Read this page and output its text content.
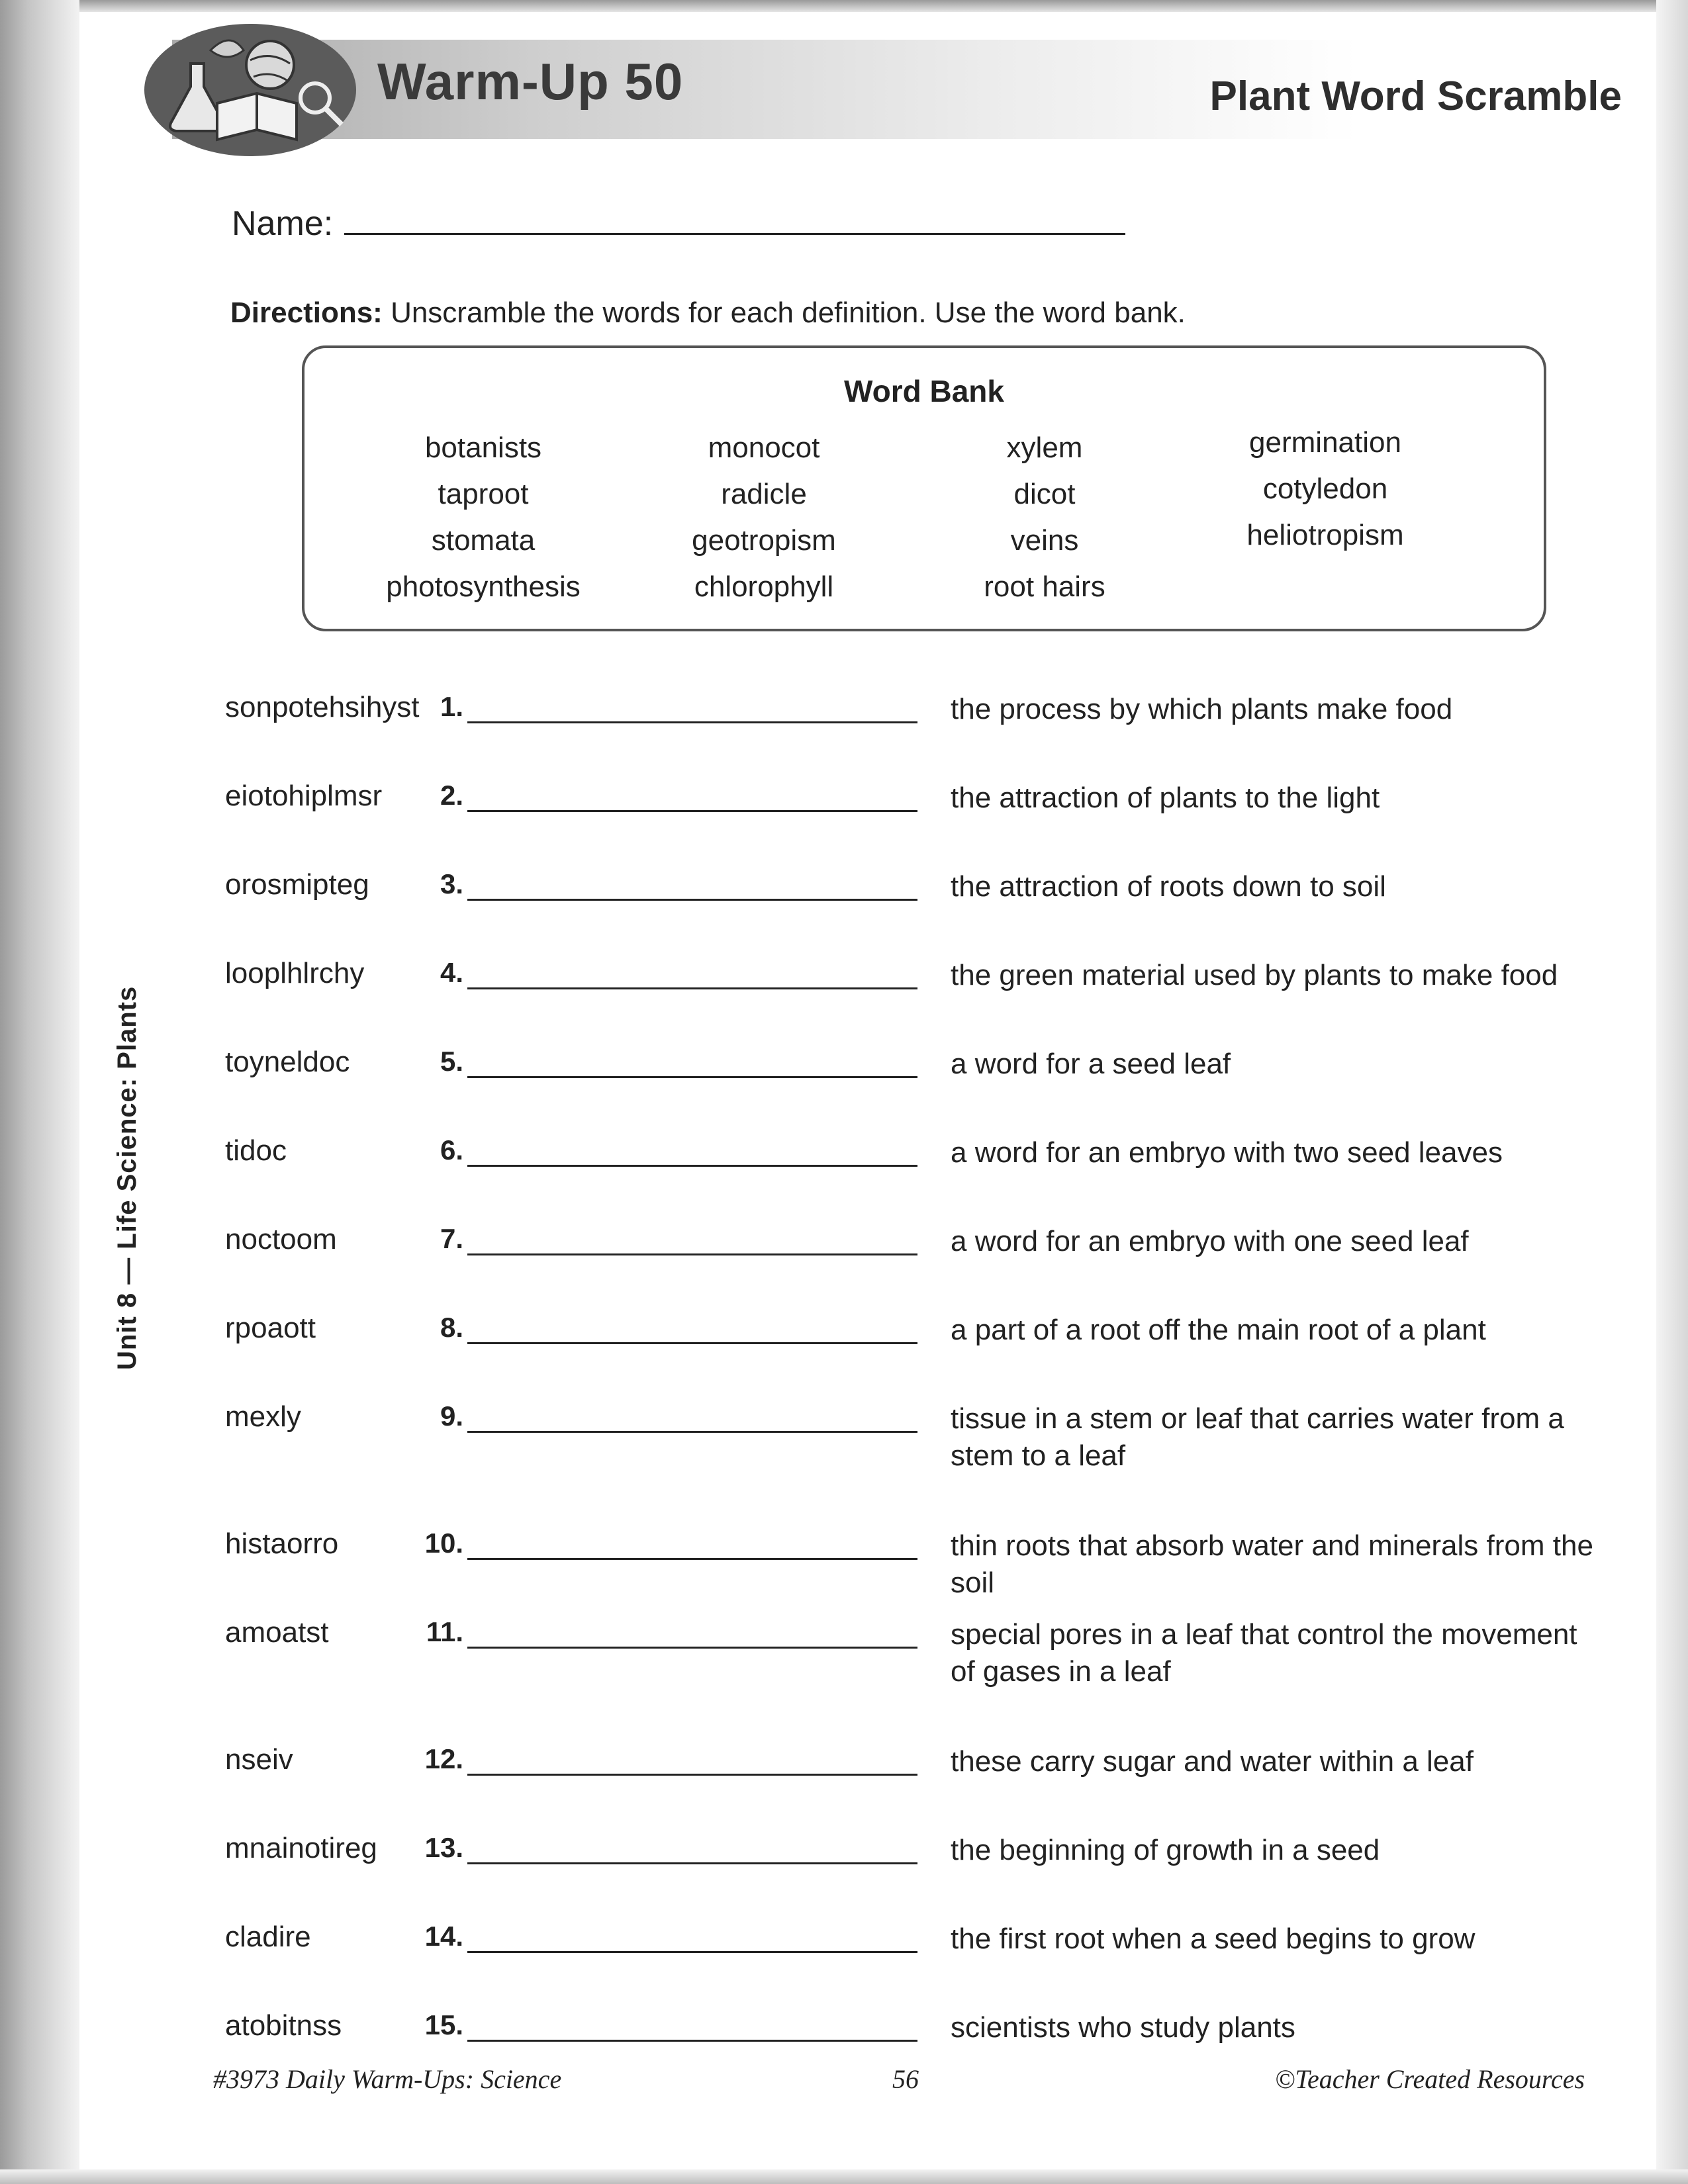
Warm-Up 50	Plant Word Scramble
Name:
Directions: Unscramble the words for each definition. Use the word bank.
Word Bank
botanists
taproot
stomata
photosynthesis
monocot
radicle
geotropism
chlorophyll
xylem
dicot
veins
root hairs
germination
cotyledon
heliotropism
sonpotehsihyst 1.	the process by which plants make food
eiotohiplmsr	2.	the attraction of plants to the light
orosmipteg	3.	the attraction of roots down to soil
looplhlrchy	4.	the green material used by plants to make food
toyneldoc	5.	a word for a seed leaf
tidoc	6.	a word for an embryo with two seed leaves
noctoom	7.	a word for an embryo with one seed leaf
rpoaott	8.	a part of a root off the main root of a plant
mexly	9.	tissue in a stem or leaf that carries water from a stem to a leaf
histaorro	10.	thin roots that absorb water and minerals from the soil
amoatst	11.	special pores in a leaf that control the movement of gases in a leaf
nseiv	12.	these carry sugar and water within a leaf
mnainotireg	13.	the beginning of growth in a seed
cladire	14.	the first root when a seed begins to grow
atobitnss	15.	scientists who study plants
Unit 8 — Life Science: Plants
#3973 Daily Warm-Ups: Science	56	©Teacher Created Resources
